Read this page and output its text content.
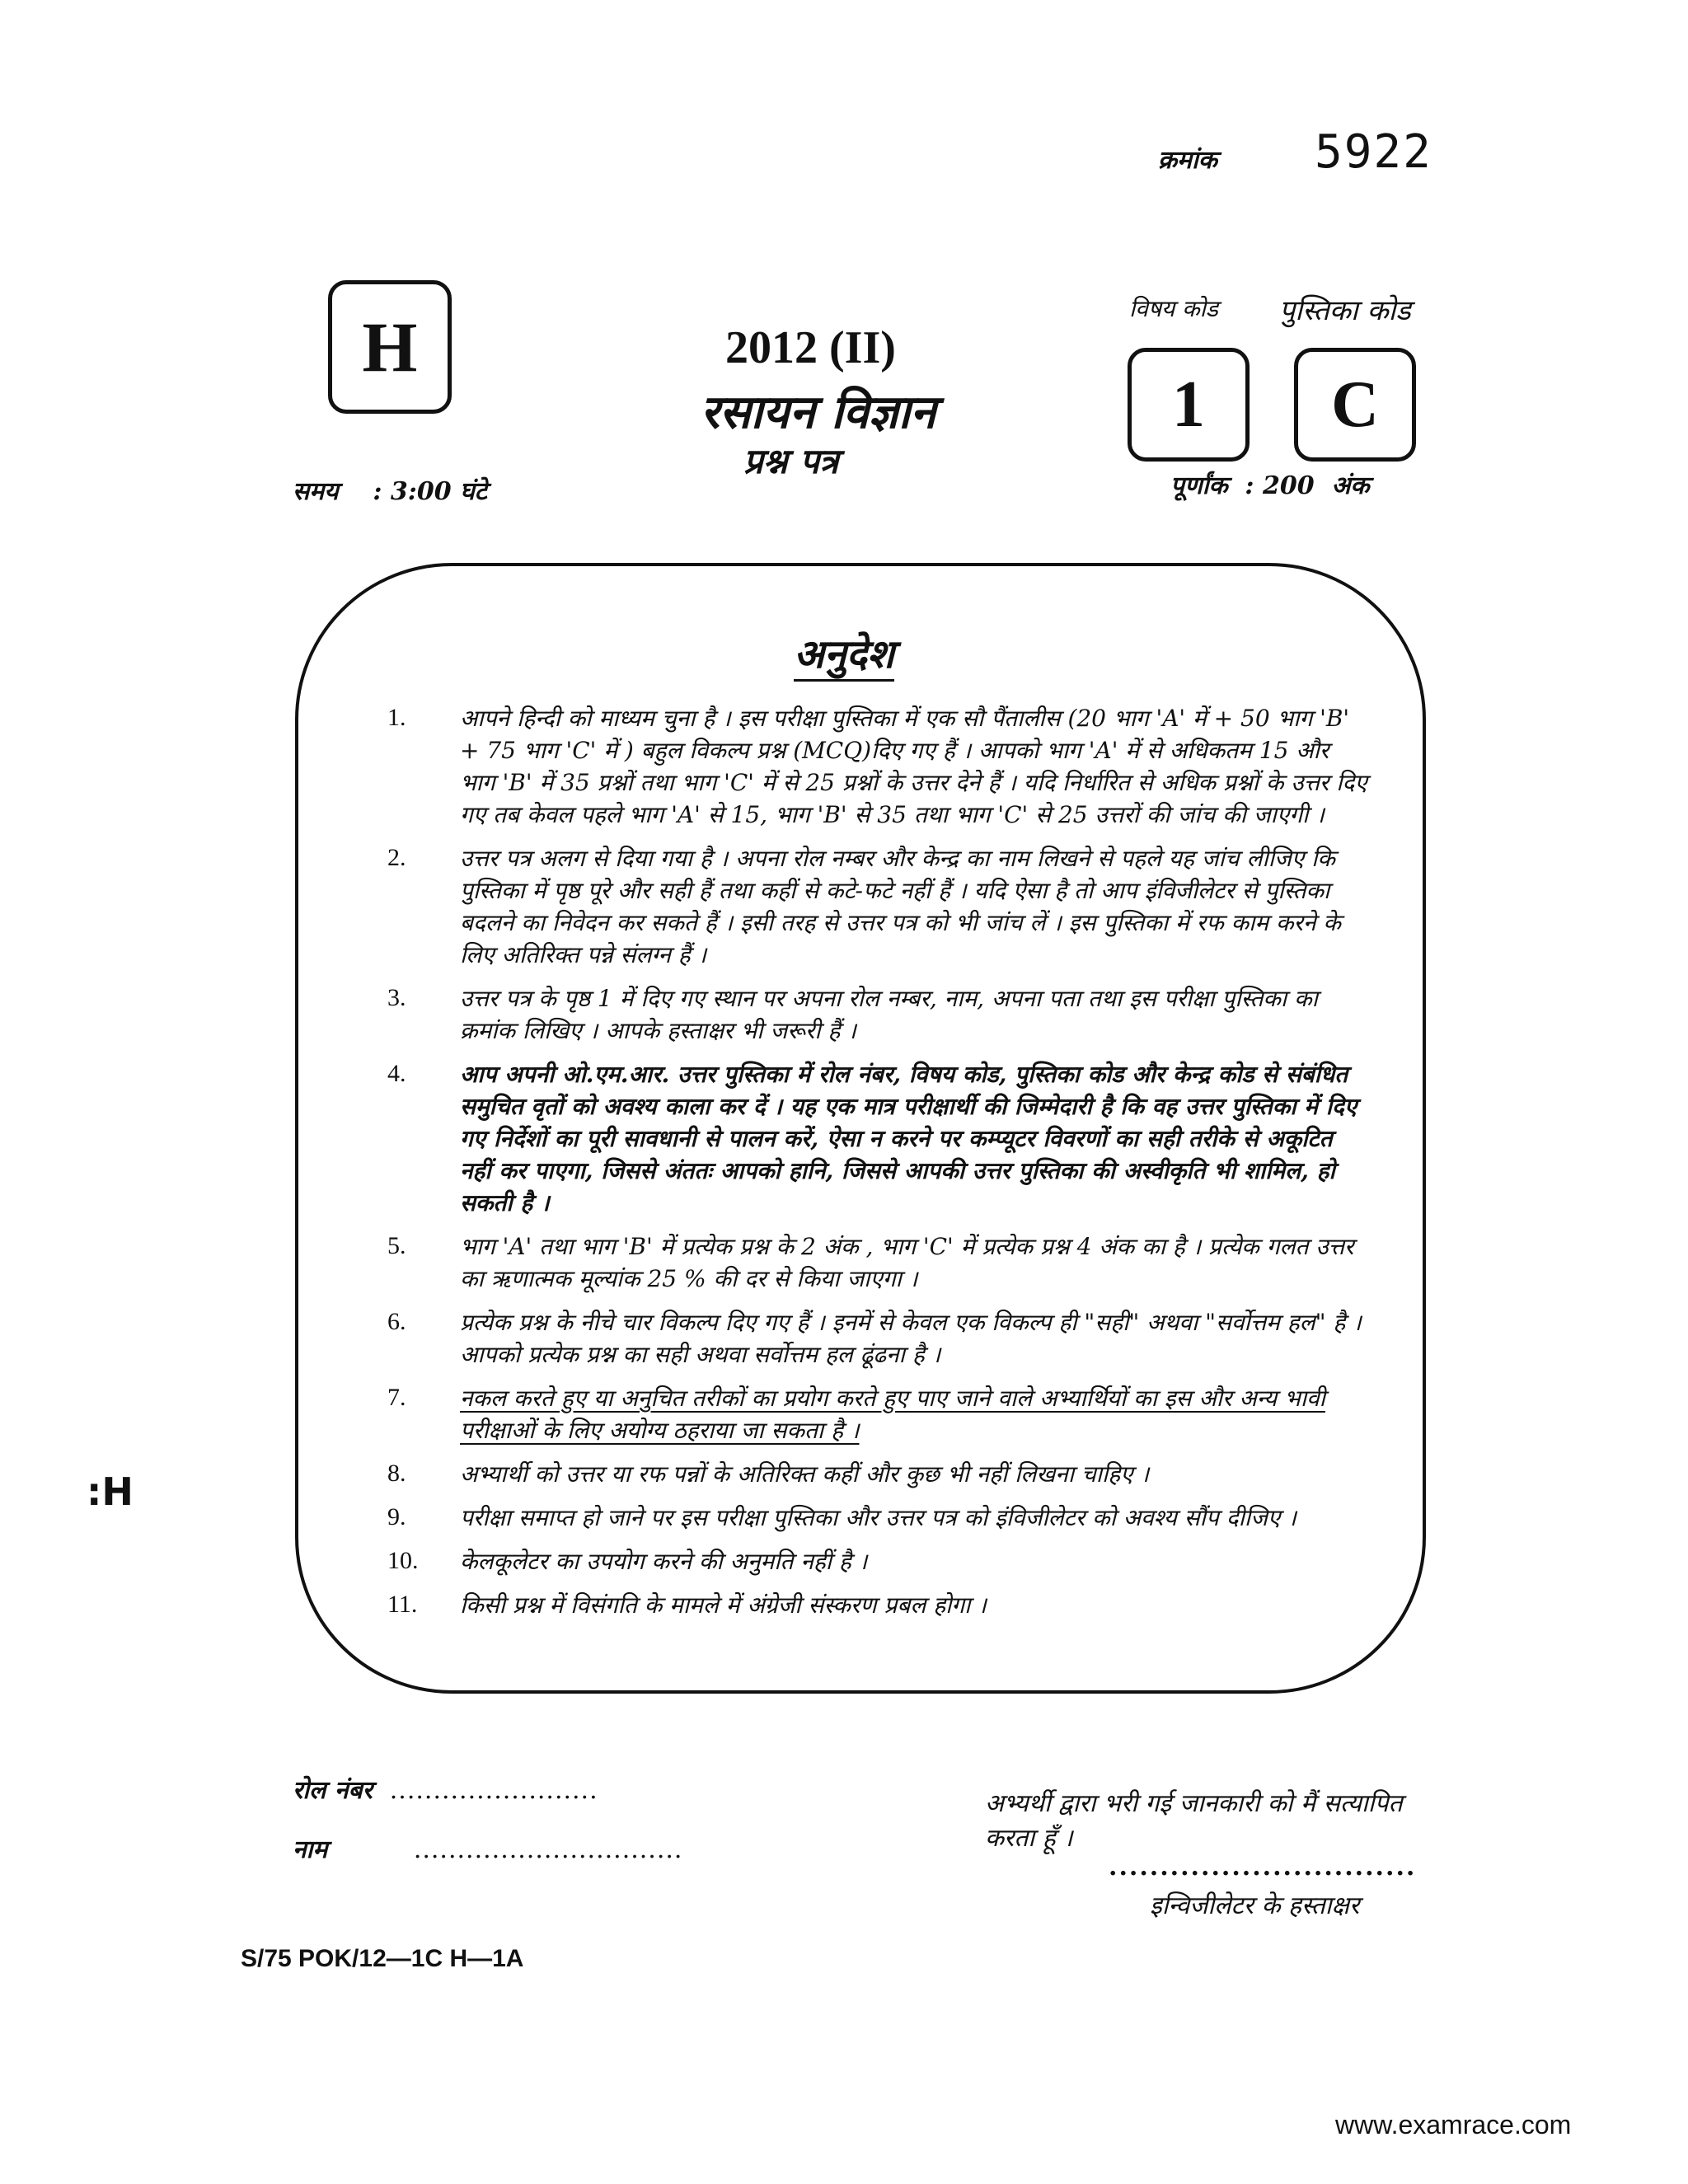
क्रमांक 5922
H	विषय कोड पुस्तिका कोड
1	C
2012 (II)
रसायन विज्ञान
प्रश्न पत्र
समय    : 3:00 घंटे	पूर्णांक  : 200  अंक
अनुदेश
1.	आपने हिन्दी को माध्यम चुना है । इस परीक्षा पुस्तिका में एक सौ पैंतालीस (20 भाग 'A' में + 50 भाग 'B' + 75 भाग 'C' में ) बहुल विकल्प प्रश्न (MCQ)दिए गए हैं । आपको भाग 'A' में से अधिकतम 15 और भाग 'B' में 35 प्रश्नों तथा भाग 'C' में से 25 प्रश्नों के उत्तर देने हैं । यदि निर्धारित से अधिक प्रश्नों के उत्तर दिए गए तब केवल पहले भाग 'A' से 15, भाग 'B' से 35 तथा भाग 'C' से 25 उत्तरों की जांच की जाएगी ।
2.	उत्तर पत्र अलग से दिया गया है । अपना रोल नम्बर और केन्द्र का नाम लिखने से पहले यह जांच लीजिए कि पुस्तिका में पृष्ठ पूरे और सही हैं तथा कहीं से कटे-फटे नहीं हैं । यदि ऐसा है तो आप इंविजीलेटर से पुस्तिका बदलने का निवेदन कर सकते हैं । इसी तरह से उत्तर पत्र को भी जांच लें । इस पुस्तिका में रफ काम करने के लिए अतिरिक्त पन्ने संलग्न हैं ।
3.	उत्तर पत्र के पृष्ठ 1 में दिए गए स्थान पर अपना रोल नम्बर, नाम, अपना पता तथा इस परीक्षा पुस्तिका का क्रमांक लिखिए । आपके हस्ताक्षर भी जरूरी हैं ।
4.	आप अपनी ओ.एम.आर. उत्तर पुस्तिका में रोल नंबर, विषय कोड, पुस्तिका कोड और केन्द्र कोड से संबंधित समुचित वृतों को अवश्य काला कर दें । यह एक मात्र परीक्षार्थी की जिम्मेदारी है कि वह उत्तर पुस्तिका में दिए गए निर्देशों का पूरी सावधानी से पालन करें, ऐसा न करने पर कम्प्यूटर विवरणों का सही तरीके से अकूटित नहीं कर पाएगा, जिससे अंततः आपको हानि, जिससे आपकी उत्तर पुस्तिका की अस्वीकृति भी शामिल, हो सकती है ।
5.	भाग 'A' तथा भाग 'B' में प्रत्येक प्रश्न के 2 अंक , भाग 'C' में प्रत्येक प्रश्न 4 अंक का है । प्रत्येक गलत उत्तर का ऋणात्मक मूल्यांक 25 % की दर से किया जाएगा ।
6.	प्रत्येक प्रश्न के नीचे चार विकल्प दिए गए हैं । इनमें से केवल एक विकल्प ही "सही" अथवा "सर्वोत्तम हल" है । आपको प्रत्येक प्रश्न का सही अथवा सर्वोत्तम हल ढूंढना है ।
7.	नकल करते हुए या अनुचित तरीकों का प्रयोग करते हुए पाए जाने वाले अभ्यार्थियों का इस और अन्य भावी परीक्षाओं के लिए अयोग्य ठहराया जा सकता है ।
8.	अभ्यार्थी को उत्तर या रफ पन्नों के अतिरिक्त कहीं और कुछ भी नहीं लिखना चाहिए ।
9.	परीक्षा समाप्त हो जाने पर इस परीक्षा पुस्तिका और उत्तर पत्र को इंविजीलेटर को अवश्य सौंप दीजिए ।
10.	केलकूलेटर का उपयोग करने की अनुमति नहीं है ।
11.	किसी प्रश्न में विसंगति के मामले में अंग्रेजी संस्करण प्रबल होगा ।
:H
रोल नंबर ........................
नाम	...............................
अभ्यर्थी द्वारा भरी गई जानकारी को मैं सत्यापित करता हूँ ।
..............................
इन्विजीलेटर के हस्ताक्षर
S/75 POK/12—1C H—1A
www.examrace.com
